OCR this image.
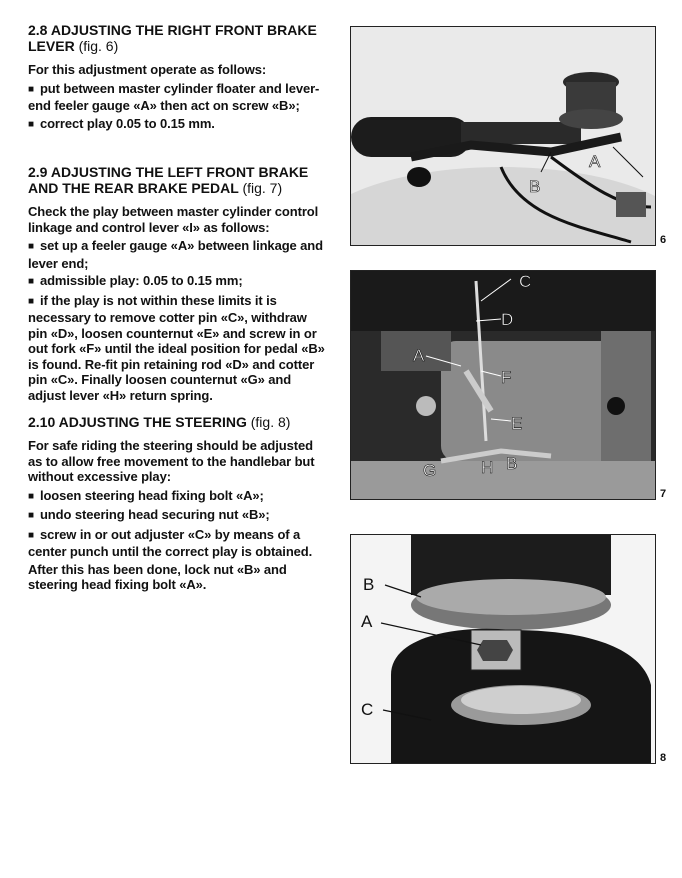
2.8 ADJUSTING THE RIGHT FRONT BRAKE LEVER (fig. 6)

For this adjustment operate as follows:

■ put between master cylinder floater and lever-end feeler gauge «A» then act on screw «B»;

■ correct play 0.05 to 0.15 mm.

2.9 ADJUSTING THE LEFT FRONT BRAKE AND THE REAR BRAKE PEDAL (fig. 7)

Check the play between master cylinder control linkage and control lever «I» as follows:

■ set up a feeler gauge «A» between linkage and lever end;

■ admissible play: 0.05 to 0.15 mm;

■ if the play is not within these limits it is necessary to remove cotter pin «C», withdraw pin «D», loosen counternut «E» and screw in or out fork «F» until the ideal position for pedal «B» is found. Re-fit pin retaining rod «D» and cotter pin «C». Finally loosen counternut «G» and adjust lever «H» return spring.

2.10 ADJUSTING THE STEERING (fig. 8)

For safe riding the steering should be adjusted as to allow free movement to the handlebar but without excessive play:

■ loosen steering head fixing bolt «A»;

■ undo steering head securing nut «B»;

■ screw in or out adjuster «C» by means of a center punch until the correct play is obtained.

After this has been done, lock nut «B» and steering head fixing bolt «A».

A
B
6
C
D
A
F
E
G	H B
7
B
A
C
8
